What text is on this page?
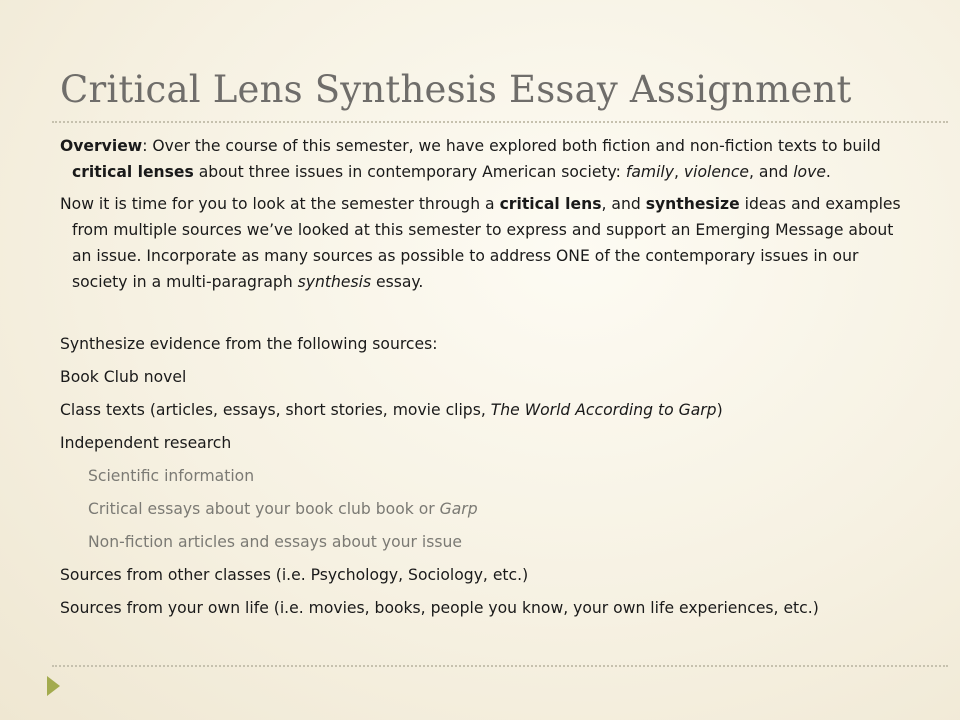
Critical Lens Synthesis Essay Assignment

Overview: Over the course of this semester, we have explored both fiction and non-fiction texts to build critical lenses about three issues in contemporary American society: family, violence, and love.

Now it is time for you to look at the semester through a critical lens, and synthesize ideas and examples from multiple sources we’ve looked at this semester to express and support an Emerging Message about an issue. Incorporate as many sources as possible to address ONE of the contemporary issues in our society in a multi-paragraph synthesis essay.

Synthesize evidence from the following sources:
Book Club novel
Class texts (articles, essays, short stories, movie clips, The World According to Garp)
Independent research
Scientific information
Critical essays about your book club book or Garp
Non-fiction articles and essays about your issue
Sources from other classes (i.e. Psychology, Sociology, etc.)
Sources from your own life (i.e. movies, books, people you know, your own life experiences, etc.)
